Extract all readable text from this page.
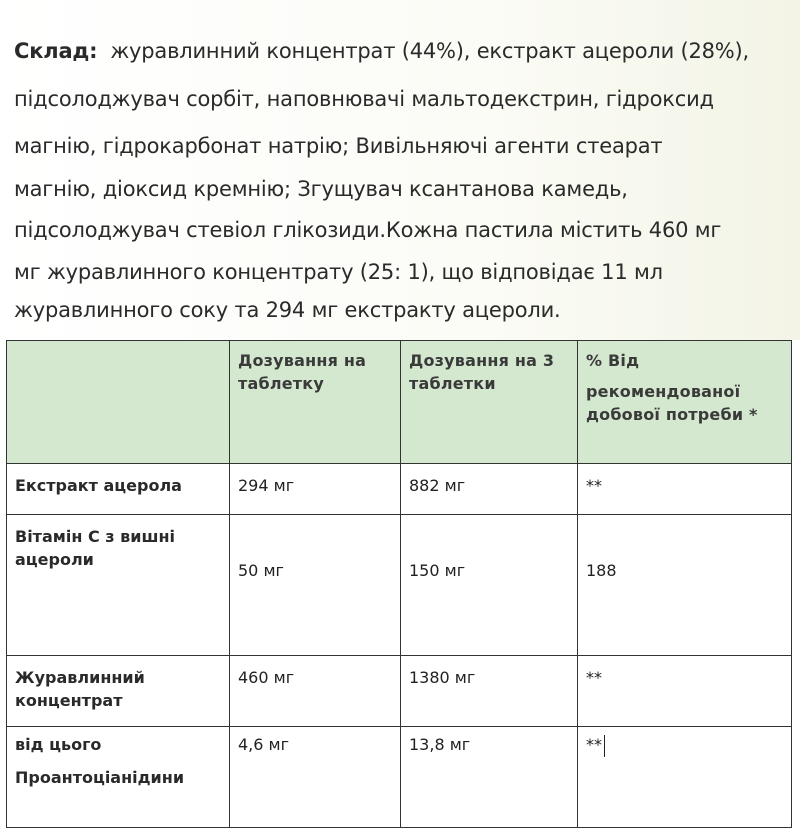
Склад: журавлинний концентрат (44%), екстракт ацероли (28%),

підсолоджувач сорбіт, наповнювачі мальтодекстрин, гідроксид

магнію, гідрокарбонат натрію; Вивільняючі агенти стеарат

магнію, діоксид кремнію; Згущувач ксантанова камедь,

підсолоджувач стевіол глікозиди.Кожна пастила містить 460 мг

мг журавлинного концентрату (25: 1), що відповідає 11 мл

журавлинного соку та 294 мг екстракту ацероли.

	Дозування на таблетку	Дозування на 3 таблетки	% Від
рекомендованої добової потреби *

Екстракт ацерола	294 мг	882 мг	**
Вітамін С з вишні ацероли	50 мг	150 мг	188
Журавлинний концентрат	460 мг	1380 мг	**

від цього
Проантоціанідини	4,6 мг	13,8 мг	**
